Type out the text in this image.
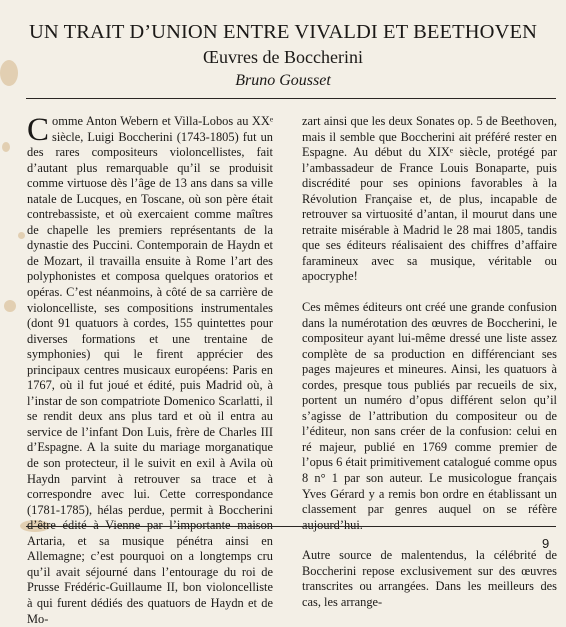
UN TRAIT D’UNION ENTRE VIVALDI ET BEETHOVEN
Œuvres de Boccherini
Bruno Gousset

Comme Anton Webern et Villa-Lobos au XXᵉ siècle, Luigi Boccherini (1743-1805) fut un des rares compositeurs violoncellistes, fait d’autant plus remarquable qu’il se produisit comme virtuose dès l’âge de 13 ans dans sa ville natale de Lucques, en Toscane, où son père était contrebassiste, et où exercaient comme maîtres de chapelle les premiers représentants de la dynastie des Puccini. Contemporain de Haydn et de Mozart, il travailla ensuite à Rome l’art des polyphonistes et composa quelques oratorios et opéras. C’est néanmoins, à côté de sa carrière de violoncelliste, ses compositions instrumentales (dont 91 quatuors à cordes, 155 quintettes pour diverses formations et une trentaine de symphonies) qui le firent apprécier des principaux centres musicaux européens: Paris en 1767, où il fut joué et édité, puis Madrid où, à l’instar de son compatriote Domenico Scarlatti, il se rendit deux ans plus tard et où il entra au service de l’infant Don Luis, frère de Charles III d’Espagne. A la suite du mariage morganatique de son protecteur, il le suivit en exil à Avila où Haydn parvint à retrouver sa trace et à correspondre avec lui. Cette correspondance (1781-1785), hélas perdue, permit à Boccherini d’être édité à Vienne par l’importante maison Artaria, et sa musique pénétra ainsi en Allemagne; c’est pourquoi on a longtemps cru qu’il avait séjourné dans l’entourage du roi de Prusse Frédéric-Guillaume II, bon violoncelliste à qui furent dédiés des quatuors de Haydn et de Mo-

zart ainsi que les deux Sonates op. 5 de Beethoven, mais il semble que Boccherini ait préféré rester en Espagne. Au début du XIXᵉ siècle, protégé par l’ambassadeur de France Louis Bonaparte, puis discrédité pour ses opinions favorables à la Révolution Française et, de plus, incapable de retrouver sa virtuosité d’antan, il mourut dans une retraite misérable à Madrid le 28 mai 1805, tandis que ses éditeurs réalisaient des chiffres d’affaire faramineux avec sa musique, véritable ou apocryphe!

Ces mêmes éditeurs ont créé une grande confusion dans la numérotation des œuvres de Boccherini, le compositeur ayant lui-même dressé une liste assez complète de sa production en différenciant ses pages majeures et mineures. Ainsi, les quatuors à cordes, presque tous publiés par recueils de six, portent un numéro d’opus différent selon qu’il s’agisse de l’attribution du compositeur ou de l’éditeur, non sans créer de la confusion: celui en ré majeur, publié en 1769 comme premier de l’opus 6 était primitivement catalogué comme opus 8 n° 1 par son auteur. Le musicologue français Yves Gérard y a remis bon ordre en établissant un classement par genres auquel on se réfère aujourd’hui.

Autre source de malentendus, la célébrité de Boccherini repose exclusivement sur des œuvres transcrites ou arrangées. Dans les meilleurs des cas, les arrange-

9
